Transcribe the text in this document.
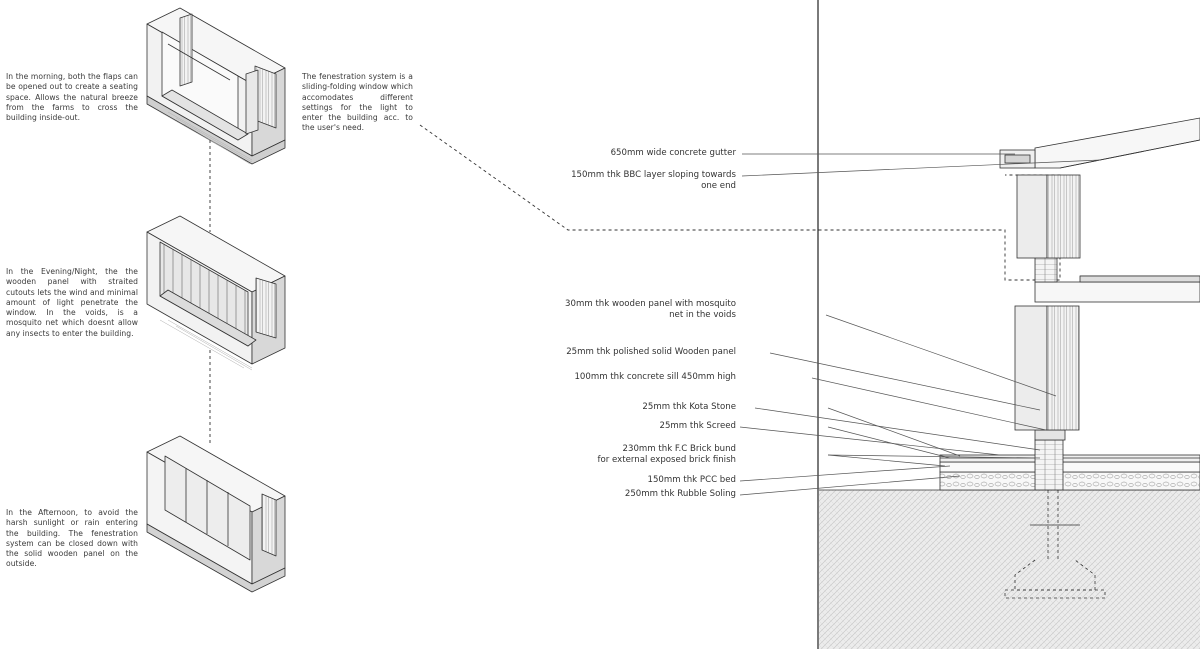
In the morning, both the flaps can be opened out to create a seating space. Allows the natural breeze from the farms to cross the building inside-out.
The fenestration system is a sliding-folding window which accomodates different settings for the light to enter the building acc. to the user's need.
In the Evening/Night, the the wooden panel with straited cutouts lets the wind and minimal amount of light penetrate the window. In the voids, is a mosquito net which doesnt allow any insects to enter the building.
In the Afternoon, to avoid the harsh sunlight or rain entering the building. The fenestration system can be closed down with the solid wooden panel on the outside.
650mm wide concrete gutter
150mm thk BBC layer sloping towards
one end
30mm thk wooden panel with mosquito
net in the voids
25mm thk polished solid Wooden panel
100mm thk concrete sill 450mm high
25mm thk Kota Stone
25mm thk Screed
230mm thk F.C Brick bund
for external exposed brick finish
150mm thk PCC bed
250mm thk Rubble Soling
